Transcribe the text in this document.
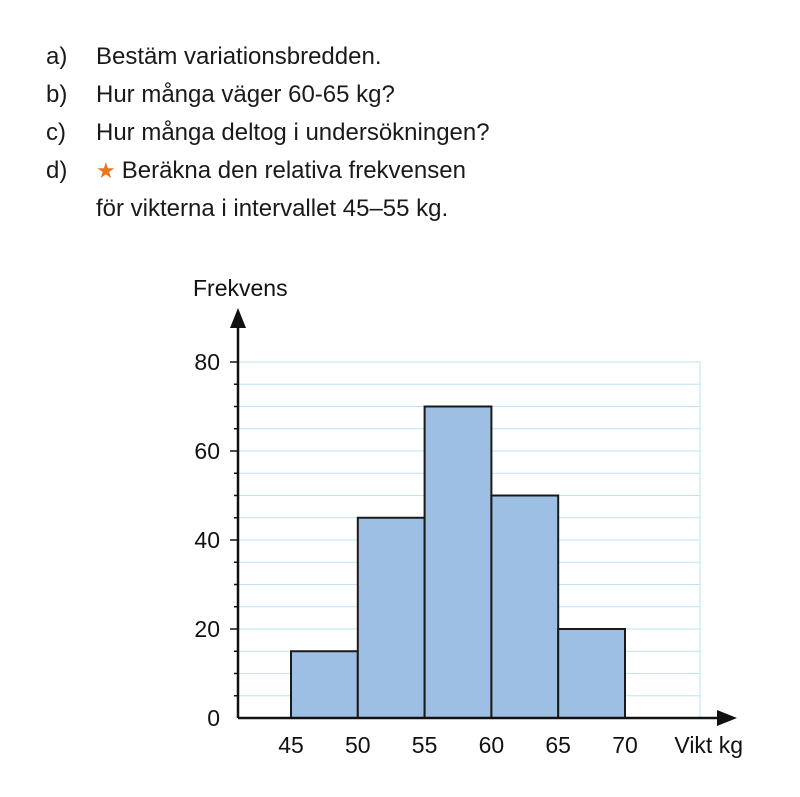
a)	Bestäm variationsbredden.
b)	Hur många väger 60-65 kg?
c)	Hur många deltog i undersökningen?
d)	★ Beräkna den relativa frekvensen
för vikterna i intervallet 45–55 kg.
0
20
40
60
80
45 50 55 60 65 70
Frekvens
Vikt kg
